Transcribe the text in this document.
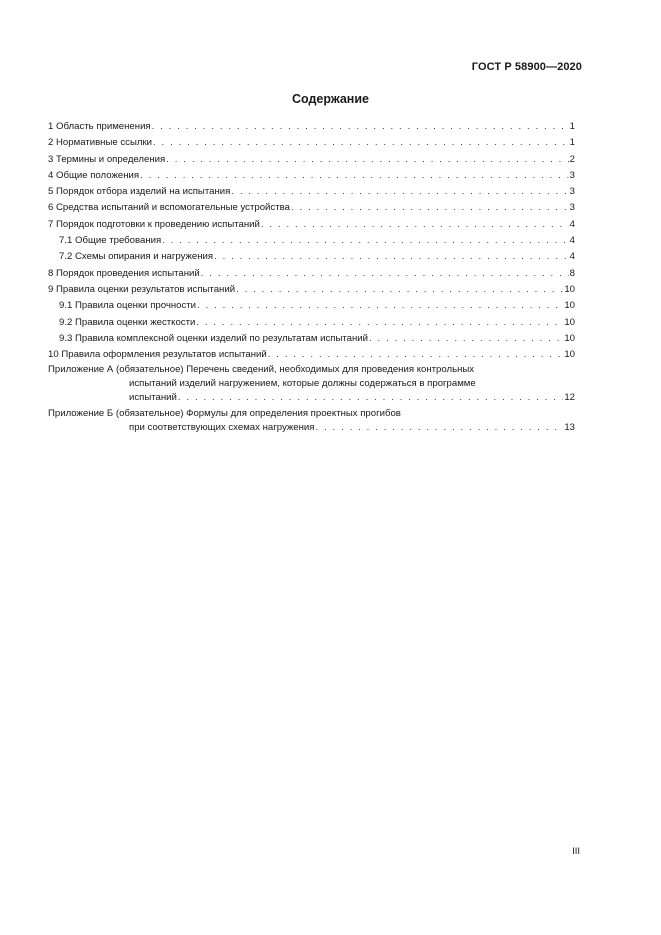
ГОСТ Р 58900—2020
Содержание
1 Область применения . . .	1
2 Нормативные ссылки . . .	1
3 Термины и определения . . .	2
4 Общие положения . . .	3
5 Порядок отбора изделий на испытания . . .	3
6 Средства испытаний и вспомогательные устройства . . .	3
7 Порядок подготовки к проведению испытаний . . .	4
7.1 Общие требования . . .	4
7.2 Схемы опирания и нагружения . . .	4
8 Порядок проведения испытаний . . .	8
9 Правила оценки результатов испытаний . . .	10
9.1 Правила оценки прочности . . .	10
9.2 Правила оценки жесткости . . .	10
9.3 Правила комплексной оценки изделий по результатам испытаний . . .	10
10 Правила оформления результатов испытаний . . .	10
Приложение А (обязательное) Перечень сведений, необходимых для проведения контрольных
испытаний изделий нагружением, которые должны содержаться в программе
испытаний . . .	12
Приложение Б (обязательное) Формулы для определения проектных прогибов
при соответствующих схемах нагружения . . .	13
III
